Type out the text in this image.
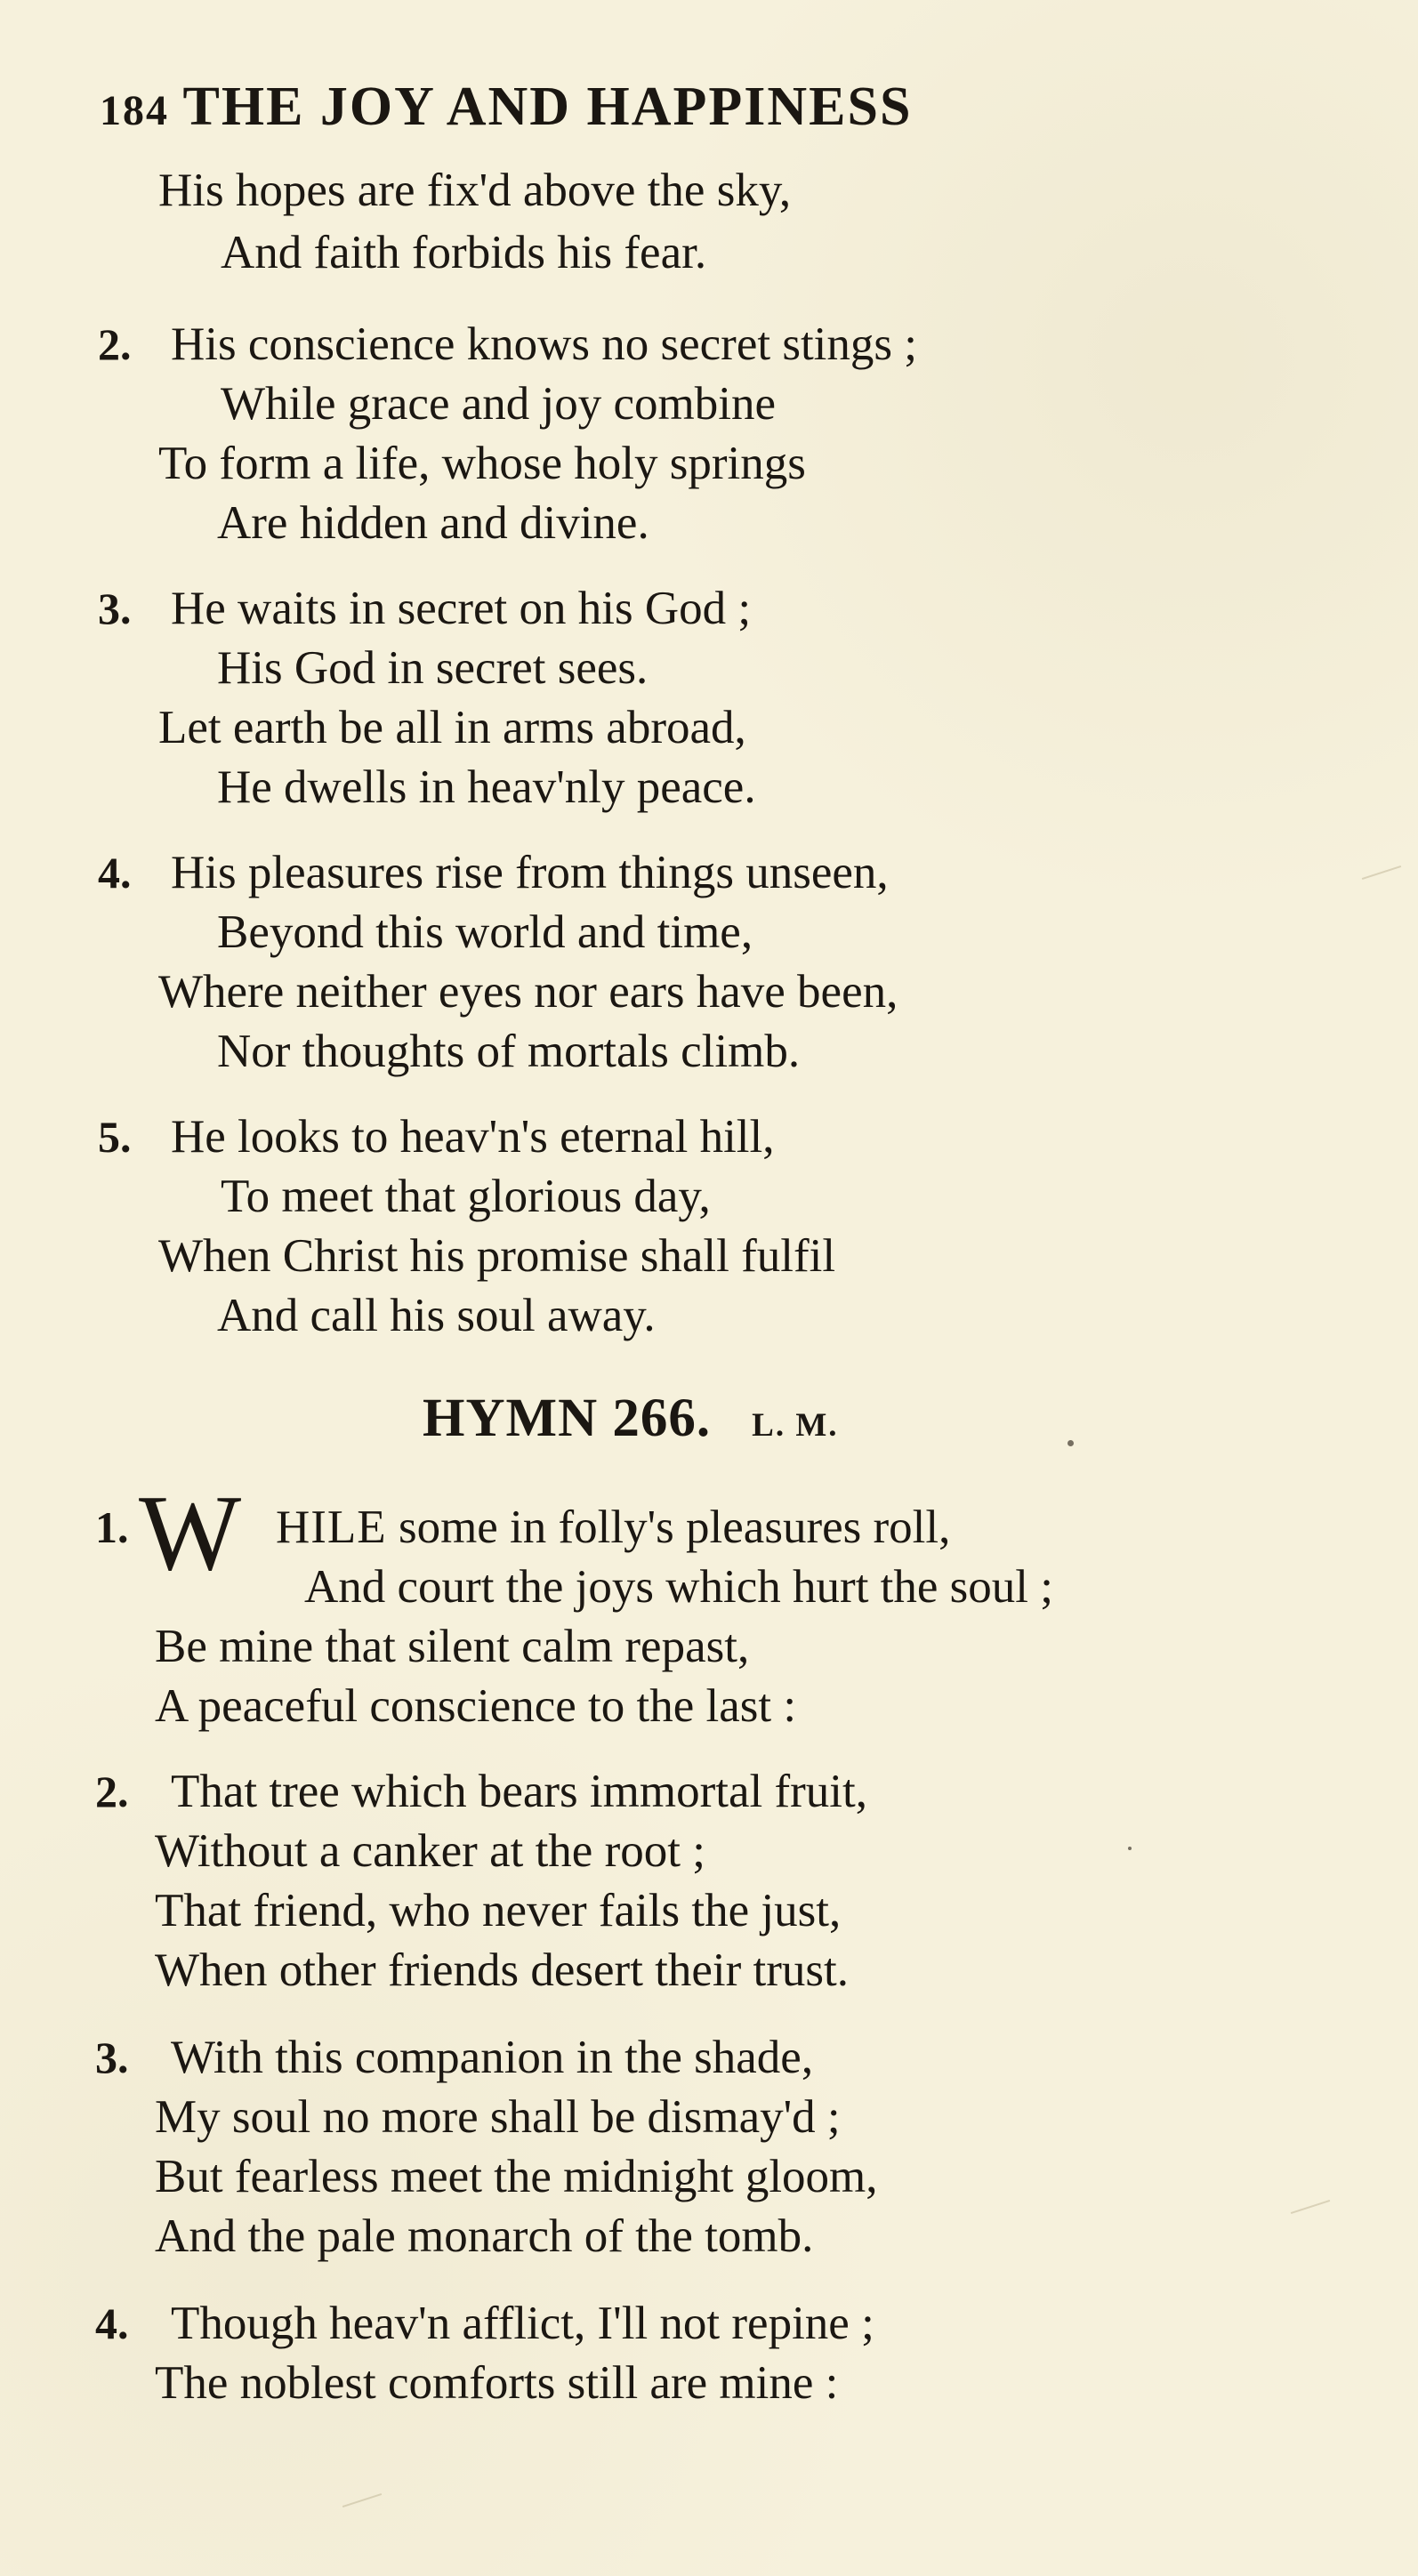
184 THE JOY AND HAPPINESS
His hopes are fix'd above the sky,
And faith forbids his fear.
2. His conscience knows no secret stings ;
While grace and joy combine
To form a life, whose holy springs
Are hidden and divine.
3. He waits in secret on his God ;
His God in secret sees.
Let earth be all in arms abroad,
He dwells in heav'nly peace.
4. His pleasures rise from things unseen,
Beyond this world and time,
Where neither eyes nor ears have been,
Nor thoughts of mortals climb.
5. He looks to heav'n's eternal hill,
To meet that glorious day,
When Christ his promise shall fulfil
And call his soul away.
HYMN 266. L. M.
1. W HILE some in folly's pleasures roll,
And court the joys which hurt the soul ;
Be mine that silent calm repast,
A peaceful conscience to the last :
2. That tree which bears immortal fruit,
Without a canker at the root ;
That friend, who never fails the just,
When other friends desert their trust.
3. With this companion in the shade,
My soul no more shall be dismay'd ;
But fearless meet the midnight gloom,
And the pale monarch of the tomb.
4. Though heav'n afflict, I'll not repine ;
The noblest comforts still are mine :
